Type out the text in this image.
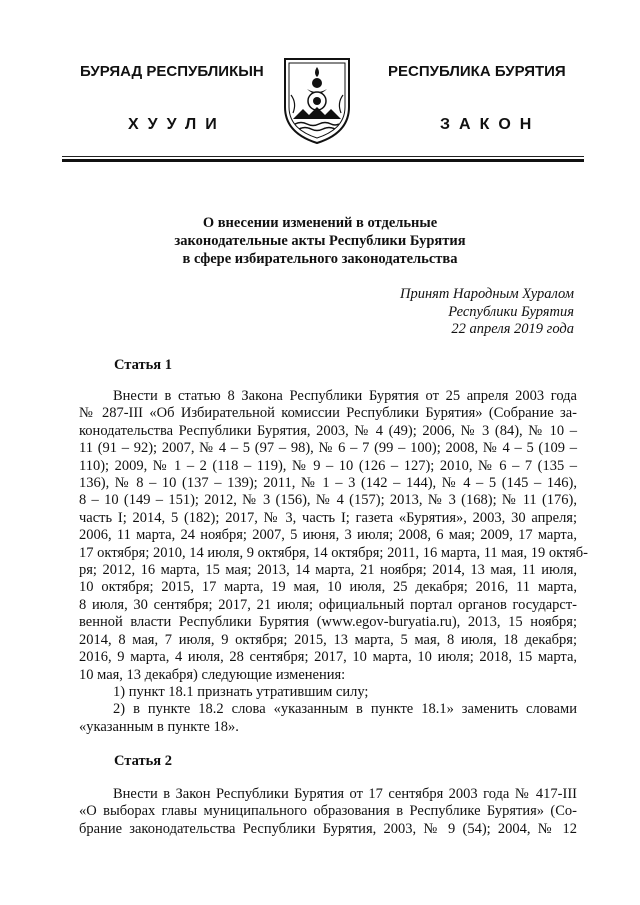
БУРЯАД РЕСПУБЛИКЫН	РЕСПУБЛИКА БУРЯТИЯ
ХУУЛИ	ЗАКОН
О внесении изменений в отдельные
законодательные акты Республики Бурятия
в сфере избирательного законодательства
Принят Народным Хуралом
Республики Бурятия
22 апреля 2019 года
Статья 1
Внести в статью 8 Закона Республики Бурятия от 25 апреля 2003 года
№ 287-III «Об Избирательной комиссии Республики Бурятия» (Собрание за-
конодательства Республики Бурятия, 2003, № 4 (49); 2006, № 3 (84), № 10 –
11 (91 – 92); 2007, № 4 – 5 (97 – 98), № 6 – 7 (99 – 100); 2008, № 4 – 5 (109 –
110); 2009, № 1 – 2 (118 – 119), № 9 – 10 (126 – 127); 2010, № 6 – 7 (135 –
136), № 8 – 10 (137 – 139); 2011, № 1 – 3 (142 – 144), № 4 – 5 (145 – 146),
8 – 10 (149 – 151); 2012, № 3 (156), № 4 (157); 2013, № 3 (168); № 11 (176),
часть I; 2014, 5 (182); 2017, № 3, часть I; газета «Бурятия», 2003, 30 апреля;
2006, 11 марта, 24 ноября; 2007, 5 июня, 3 июля; 2008, 6 мая; 2009, 17 марта,
17 октября; 2010, 14 июля, 9 октября, 14 октября; 2011, 16 марта, 11 мая, 19 октяб-
ря; 2012, 16 марта, 15 мая; 2013, 14 марта, 21 ноября; 2014, 13 мая, 11 июля,
10 октября; 2015, 17 марта, 19 мая, 10 июля, 25 декабря; 2016, 11 марта,
8 июля, 30 сентября; 2017, 21 июля; официальный портал органов государст-
венной власти Республики Бурятия (www.egov-buryatia.ru), 2013, 15 ноября;
2014, 8 мая, 7 июля, 9 октября; 2015, 13 марта, 5 мая, 8 июля, 18 декабря;
2016, 9 марта, 4 июля, 28 сентября; 2017, 10 марта, 10 июля; 2018, 15 марта,
10 мая, 13 декабря) следующие изменения:
1) пункт 18.1 признать утратившим силу;
2) в пункте 18.2 слова «указанным в пункте 18.1» заменить словами
«указанным в пункте 18».
Статья 2
Внести в Закон Республики Бурятия от 17 сентября 2003 года № 417-III
«О выборах главы муниципального образования в Республике Бурятия» (Со-
брание законодательства Республики Бурятия, 2003, № 9 (54); 2004, № 12
